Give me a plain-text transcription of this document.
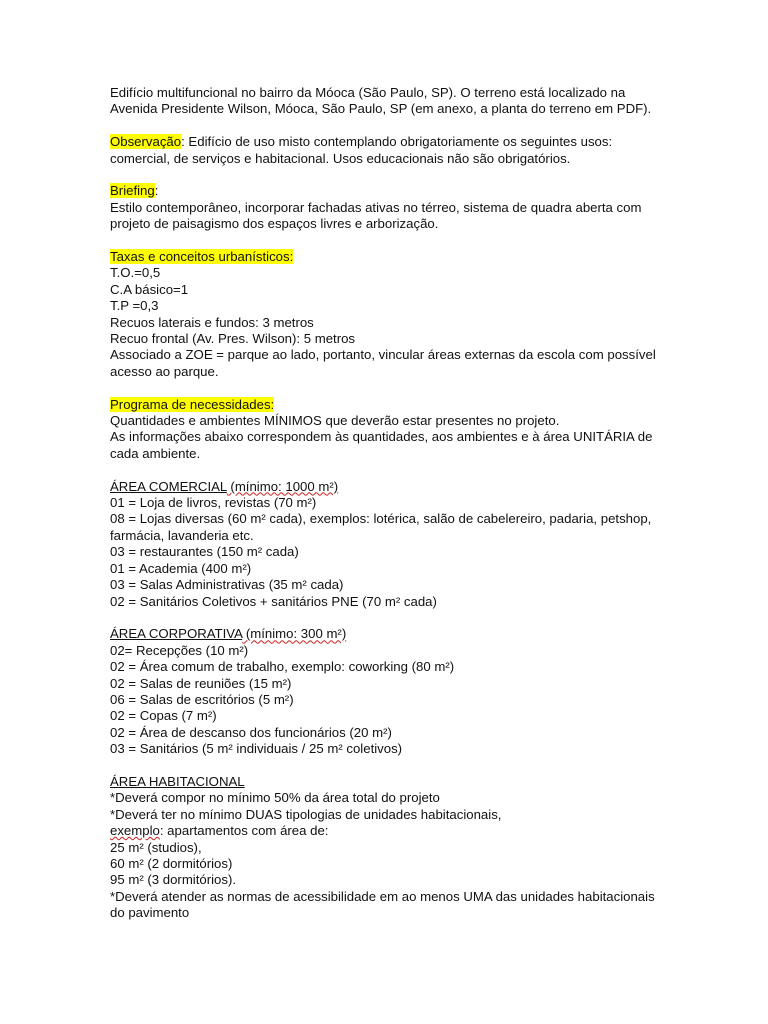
Edifício multifuncional no bairro da Móoca (São Paulo, SP). O terreno está localizado na
Avenida Presidente Wilson, Móoca, São Paulo, SP (em anexo, a planta do terreno em PDF).
Observação: Edifício de uso misto contemplando obrigatoriamente os seguintes usos:
comercial, de serviços e habitacional. Usos educacionais não são obrigatórios.
Briefing:
Estilo contemporâneo, incorporar fachadas ativas no térreo, sistema de quadra aberta com
projeto de paisagismo dos espaços livres e arborização.
Taxas e conceitos urbanísticos:
T.O.=0,5
C.A básico=1
T.P =0,3
Recuos laterais e fundos: 3 metros
Recuo frontal (Av. Pres. Wilson): 5 metros
Associado a ZOE = parque ao lado, portanto, vincular áreas externas da escola com possível
acesso ao parque.
Programa de necessidades:
Quantidades e ambientes MÍNIMOS que deverão estar presentes no projeto.
As informações abaixo correspondem às quantidades, aos ambientes e à área UNITÁRIA de
cada ambiente.
ÁREA COMERCIAL (mínimo: 1000 m²)
01 = Loja de livros, revistas (70 m²)
08 = Lojas diversas (60 m² cada), exemplos: lotérica, salão de cabelereiro, padaria, petshop,
farmácia, lavanderia etc.
03 = restaurantes (150 m² cada)
01 = Academia (400 m²)
03 = Salas Administrativas (35 m² cada)
02 = Sanitários Coletivos + sanitários PNE (70 m² cada)
ÁREA CORPORATIVA (mínimo: 300 m²)
02= Recepções (10 m²)
02 = Área comum de trabalho, exemplo: coworking (80 m²)
02 = Salas de reuniões (15 m²)
06 = Salas de escritórios (5 m²)
02 = Copas (7 m²)
02 = Área de descanso dos funcionários (20 m²)
03 = Sanitários (5 m² individuais / 25 m² coletivos)
ÁREA HABITACIONAL
*Deverá compor no mínimo 50% da área total do projeto
*Deverá ter no mínimo DUAS tipologias de unidades habitacionais,
exemplo: apartamentos com área de:
25 m² (studios),
60 m² (2 dormitórios)
95 m² (3 dormitórios).
*Deverá atender as normas de acessibilidade em ao menos UMA das unidades habitacionais
do pavimento
